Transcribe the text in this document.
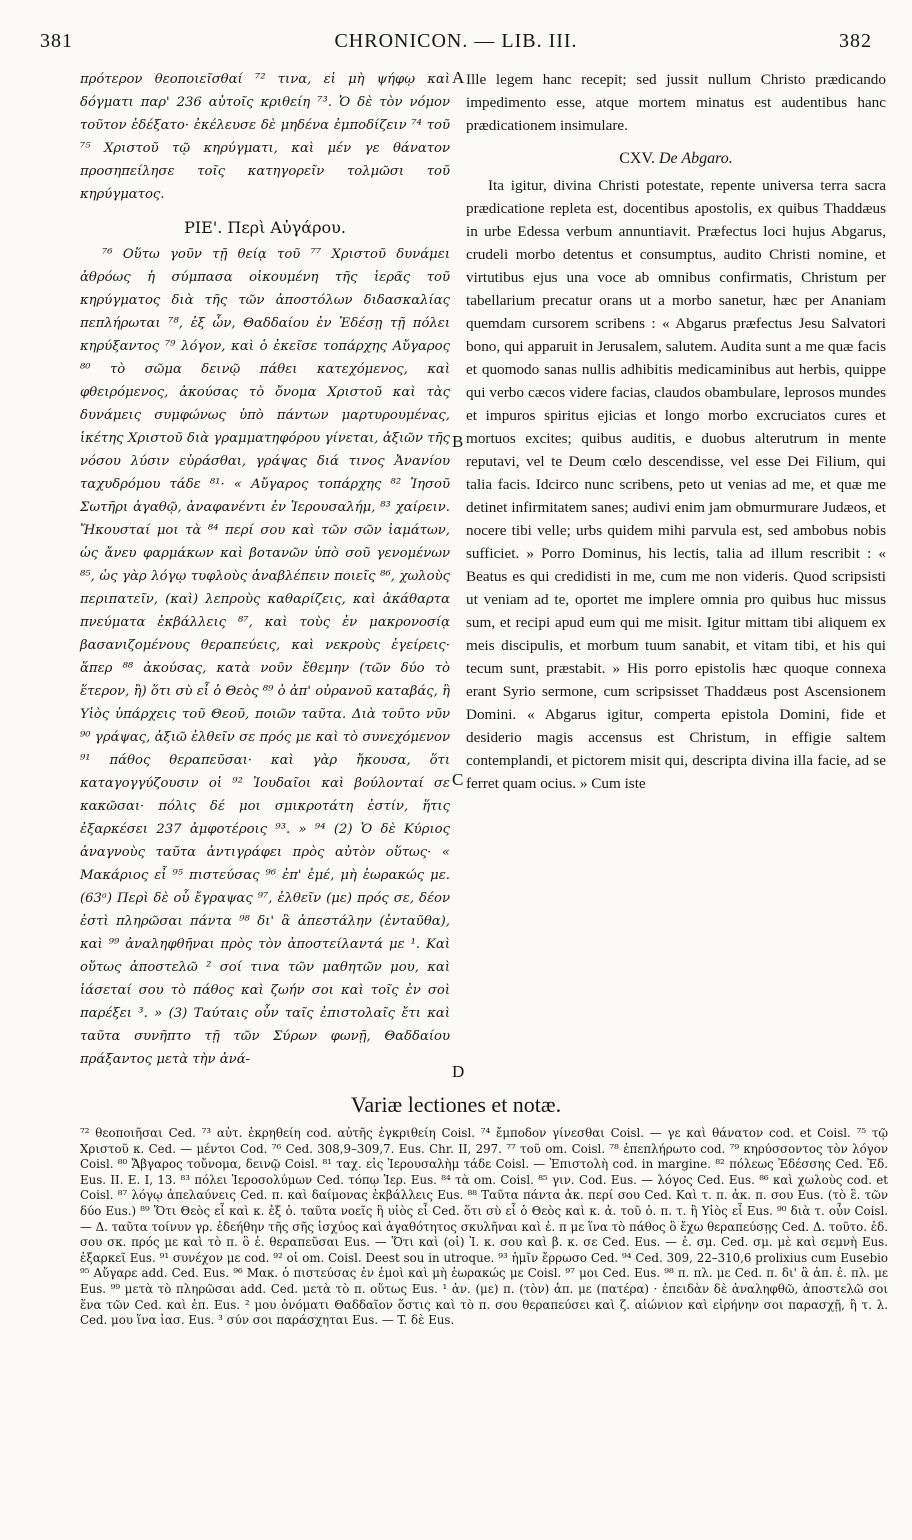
381	CHRONICON. — LIB. III.	382

πρότερον θεοποιεῖσθαί ⁷² τινα, εἰ μὴ ψήφῳ καὶ δόγματι παρ' 236 αὐτοῖς κριθείη ⁷³. Ὁ δὲ τὸν νόμον τοῦτον ἐδέξατο· ἐκέλευσε δὲ μηδένα ἐμποδίζειν ⁷⁴ τοῦ ⁷⁵ Χριστοῦ τῷ κηρύγματι, καὶ μέν γε θάνατον προσηπείλησε τοῖς κατηγορεῖν τολμῶσι τοῦ κηρύγματος.

ΡΙΕ'. Περὶ Αὐγάρου.

⁷⁶ Οὕτω γοῦν τῇ θείᾳ τοῦ ⁷⁷ Χριστοῦ δυνάμει ἀθρόως ἡ σύμπασα οἰκουμένη τῆς ἱερᾶς τοῦ κηρύγματος διὰ τῆς τῶν ἀποστόλων διδασκαλίας πεπλήρωται ⁷⁸, ἐξ ὧν, Θαδδαίου ἐν Ἐδέσῃ τῇ πόλει κηρύξαντος ⁷⁹ λόγον, καὶ ὁ ἐκεῖσε τοπάρχης Αὔγαρος ⁸⁰ τὸ σῶμα δεινῷ πάθει κατεχόμενος, καὶ φθειρόμενος, ἀκούσας τὸ ὄνομα Χριστοῦ καὶ τὰς δυνάμεις συμφώνως ὑπὸ πάντων μαρτυρουμένας, ἱκέτης Χριστοῦ διὰ γραμματηφόρου γίνεται, ἀξιῶν τῆς νόσου λύσιν εὑράσθαι, γράψας διά τινος Ἀνανίου ταχυδρόμου τάδε ⁸¹· « Αὔγαρος τοπάρχης ⁸² Ἰησοῦ Σωτῆρι ἀγαθῷ, ἀναφανέντι ἐν Ἱερουσαλήμ, ⁸³ χαίρειν. Ἤκουσταί μοι τὰ ⁸⁴ περί σου καὶ τῶν σῶν ἰαμάτων, ὡς ἄνευ φαρμάκων καὶ βοτανῶν ὑπὸ σοῦ γενομένων ⁸⁵, ὡς γὰρ λόγῳ τυφλοὺς ἀναβλέπειν ποιεῖς ⁸⁶, χωλοὺς περιπατεῖν, (καὶ) λεπροὺς καθαρίζεις, καὶ ἀκάθαρτα πνεύματα ἐκβάλλεις ⁸⁷, καὶ τοὺς ἐν μακρονοσίᾳ βασανιζομένους θεραπεύεις, καὶ νεκροὺς ἐγείρεις· ἅπερ ⁸⁸ ἀκούσας, κατὰ νοῦν ἔθεμην (τῶν δύο τὸ ἕτερον, ἢ) ὅτι σὺ εἶ ὁ Θεὸς ⁸⁹ ὁ ἀπ' οὐρανοῦ καταβάς, ἢ Υἱὸς ὑπάρχεις τοῦ Θεοῦ, ποιῶν ταῦτα. Διὰ τοῦτο νῦν ⁹⁰ γράψας, ἀξιῶ ἐλθεῖν σε πρός με καὶ τὸ συνεχόμενον ⁹¹ πάθος θεραπεῦσαι· καὶ γὰρ ἤκουσα, ὅτι καταγογγύζουσιν οἱ ⁹² Ἰουδαῖοι καὶ βούλονταί σε κακῶσαι· πόλις δέ μοι σμικροτάτη ἐστίν, ἥτις ἐξαρκέσει 237 ἀμφοτέροις ⁹³. » ⁹⁴ (2) Ὁ δὲ Κύριος ἀναγνοὺς ταῦτα ἀντιγράφει πρὸς αὐτὸν οὕτως· « Μακάριος εἶ ⁹⁵ πιστεύσας ⁹⁶ ἐπ' ἐμέ, μὴ ἑωρακώς με. (63ᵃ) Περὶ δὲ οὗ ἔγραψας ⁹⁷, ἐλθεῖν (με) πρός σε, δέον ἐστὶ πληρῶσαι πάντα ⁹⁸ δι' ἃ ἀπεστάλην (ἐνταῦθα), καὶ ⁹⁹ ἀναληφθῆναι πρὸς τὸν ἀποστείλαντά με ¹. Καὶ οὕτως ἀποστελῶ ² σοί τινα τῶν μαθητῶν μου, καὶ ἰάσεταί σου τὸ πάθος καὶ ζωήν σοι καὶ τοῖς ἐν σοὶ παρέξει ³. » (3) Ταύταις οὖν ταῖς ἐπιστολαῖς ἔτι καὶ ταῦτα συνῆπτο τῇ τῶν Σύρων φωνῇ, Θαδδαίου πράξαντος μετὰ τὴν ἀνά-

Ille legem hanc recepit; sed jussit nullum Christo prædicando impedimento esse, atque mortem minatus est audentibus hanc prædicationem insimulare.

CXV. De Abgaro.

Ita igitur, divina Christi potestate, repente universa terra sacra prædicatione repleta est, docentibus apostolis, ex quibus Thaddæus in urbe Edessa verbum annuntiavit. Præfectus loci hujus Abgarus, crudeli morbo detentus et consumptus, audito Christi nomine, et virtutibus ejus una voce ab omnibus confirmatis, Christum per tabellarium precatur orans ut a morbo sanetur, hæc per Ananiam quemdam cursorem scribens : « Abgarus præfectus Jesu Salvatori bono, qui apparuit in Jerusalem, salutem. Audita sunt a me quæ facis et quomodo sanas nullis adhibitis medicaminibus aut herbis, quippe qui verbo cæcos videre facias, claudos obambulare, leprosos mundes et impuros spiritus ejicias et longo morbo excruciatos cures et mortuos excites; quibus auditis, e duobus alterutrum in mente reputavi, vel te Deum cœlo descendisse, vel esse Dei Filium, qui talia facis. Idcirco nunc scribens, peto ut venias ad me, et quæ me detinet infirmitatem sanes; audivi enim jam obmurmurare Judæos, et nocere tibi velle; urbs quidem mihi parvula est, sed ambobus nobis sufficiet. » Porro Dominus, his lectis, talia ad illum rescribit : « Beatus es qui credidisti in me, cum me non videris. Quod scripsisti ut veniam ad te, oportet me implere omnia pro quibus huc missus sum, et recipi apud eum qui me misit. Igitur mittam tibi aliquem ex meis discipulis, et morbum tuum sanabit, et vitam tibi, et his qui tecum sunt, præstabit. » His porro epistolis hæc quoque connexa erant Syrio sermone, cum scripsisset Thaddæus post Ascensionem Domini. « Abgarus igitur, comperta epistola Domini, fide et desiderio magis accensus est Christum, in effigie saltem contemplandi, et pictorem misit qui, descripta divina illa facie, ad se ferret quam ocius. » Cum iste

A
B
C
D
Variæ lectiones et notæ.

⁷² θεοποιῆσαι Ced. ⁷³ αὐτ. ἐκρηθείη cod. αὐτῆς ἐγκριθείη Coisl. ⁷⁴ ἔμποδον γίνεσθαι Coisl. — γε καὶ θάνατον cod. et Coisl. ⁷⁵ τῷ Χριστοῦ κ. Ced. — μέντοι Cod. ⁷⁶ Ced. 308,9–309,7. Eus. Chr. II, 297. ⁷⁷ τοῦ om. Coisl. ⁷⁸ ἐπεπλήρωτο cod. ⁷⁹ κηρύσσοντος τὸν λόγον Coisl. ⁸⁰ Ἄβγαρος τοὔνομα, δεινῷ Coisl. ⁸¹ ταχ. εἰς Ἱερουσαλὴμ τάδε Coisl. — Ἐπιστολὴ cod. in margine. ⁸² πόλεως Ἐδέσσης Ced. Ἐδ. Eus. II. E. I, 13. ⁸³ πόλει Ἱεροσολύμων Ced. τόπῳ Ἱερ. Eus. ⁸⁴ τὰ om. Coisl. ⁸⁵ γιν. Cod. Eus. — λόγος Ced. Eus. ⁸⁶ καὶ χωλοὺς cod. et Coisl. ⁸⁷ λόγῳ ἀπελαύνεις Ced. π. καὶ δαίμονας ἐκβάλλεις Eus. ⁸⁸ Ταῦτα πάντα ἀκ. περί σου Ced. Καὶ τ. π. ἀκ. π. σου Eus. (τὸ ἓ. τῶν δύο Eus.) ⁸⁹ Ὅτι Θεὸς εἶ καὶ κ. ἐξ ὁ. ταῦτα νοεῖς ἢ υἱὸς εἶ Ced. ὅτι σὺ εἶ ὁ Θεὸς καὶ κ. ἀ. τοῦ ὁ. π. τ. ἢ Υἱὸς εἶ Eus. ⁹⁰ διὰ τ. οὖν Coisl. — Δ. ταῦτα τοίνυν γρ. ἐδεήθην τῆς σῆς ἰσχύος καὶ ἀγαθότητος σκυλῆναι καὶ ἐ. π με ἵνα τὸ πάθος ὃ ἔχω θεραπεύσῃς Ced. Δ. τοῦτο. ἐδ. σου σκ. πρός με καὶ τὸ π. ὃ ἐ. θεραπεῦσαι Eus. — Ὅτι καὶ (οἱ) Ἰ. κ. σου καὶ β. κ. σε Ced. Eus. — ἐ. σμ. Ced. σμ. μὲ καὶ σεμνὴ Eus. ἐξαρκεῖ Eus. ⁹¹ συνέχον με cod. ⁹² οἱ om. Coisl. Deest sou in utroque. ⁹³ ἡμῖν ἔρρωσο Ced. ⁹⁴ Ced. 309, 22–310,6 prolixius cum Eusebio ⁹⁵ Αὔγαρε add. Ced. Eus. ⁹⁶ Μακ. ὁ πιστεύσας ἐν ἐμοὶ καὶ μὴ ἑωρακώς με Coisl. ⁹⁷ μοι Ced. Eus. ⁹⁸ π. πλ. με Ced. π. δι' ἃ ἀπ. ἐ. πλ. με Eus. ⁹⁹ μετὰ τὸ πληρῶσαι add. Ced. μετὰ τὸ π. οὕτως Eus. ¹ ἀν. (με) π. (τὸν) ἀπ. με (πατέρα) · ἐπειδὰν δὲ ἀναληφθῶ, ἀποστελῶ σοι ἕνα τῶν Ced. καὶ ἐπ. Eus. ² μου ὀνόματι Θαδδαῖον ὅστις καὶ τὸ π. σου θεραπεύσει καὶ ζ. αἰώνιον καὶ εἰρήνην σοι παρασχῇ, ἢ τ. λ. Ced. μου ἵνα ἰασ. Eus. ³ σύν σοι παράσχηται Eus. — T. δὲ Eus.
